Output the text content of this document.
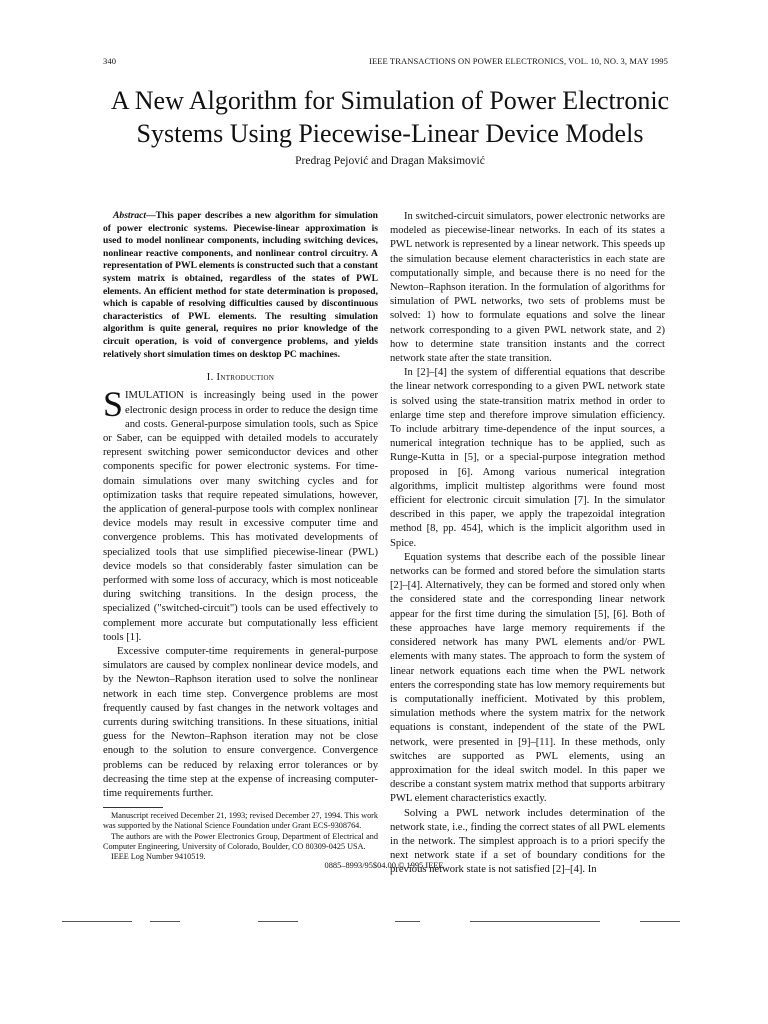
340	IEEE TRANSACTIONS ON POWER ELECTRONICS, VOL. 10, NO. 3, MAY 1995
A New Algorithm for Simulation of Power Electronic Systems Using Piecewise-Linear Device Models
Predrag Pejović and Dragan Maksimović

Abstract—This paper describes a new algorithm for simulation of power electronic systems. Piecewise-linear approximation is used to model nonlinear components, including switching devices, nonlinear reactive components, and nonlinear control circuitry. A representation of PWL elements is constructed such that a constant system matrix is obtained, regardless of the states of PWL elements. An efficient method for state determination is proposed, which is capable of resolving difficulties caused by discontinuous characteristics of PWL elements. The resulting simulation algorithm is quite general, requires no prior knowledge of the circuit operation, is void of convergence problems, and yields relatively short simulation times on desktop PC machines.

I. Introduction

SIMULATION is increasingly being used in the power electronic design process in order to reduce the design time and costs. General-purpose simulation tools, such as Spice or Saber, can be equipped with detailed models to accurately represent switching power semiconductor devices and other components specific for power electronic systems. For time-domain simulations over many switching cycles and for optimization tasks that require repeated simulations, however, the application of general-purpose tools with complex nonlinear device models may result in excessive computer time and convergence problems. This has motivated developments of specialized tools that use simplified piecewise-linear (PWL) device models so that considerably faster simulation can be performed with some loss of accuracy, which is most noticeable during switching transitions. In the design process, the specialized ("switched-circuit") tools can be used effectively to complement more accurate but computationally less efficient tools [1].

Excessive computer-time requirements in general-purpose simulators are caused by complex nonlinear device models, and by the Newton–Raphson iteration used to solve the nonlinear network in each time step. Convergence problems are most frequently caused by fast changes in the network voltages and currents during switching transitions. In these situations, initial guess for the Newton–Raphson iteration may not be close enough to the solution to ensure convergence. Convergence problems can be reduced by relaxing error tolerances or by decreasing the time step at the expense of increasing computer-time requirements further.

Manuscript received December 21, 1993; revised December 27, 1994. This work was supported by the National Science Foundation under Grant ECS-9308764.

The authors are with the Power Electronics Group, Department of Electrical and Computer Engineering, University of Colorado, Boulder, CO 80309-0425 USA.

IEEE Log Number 9410519.

In switched-circuit simulators, power electronic networks are modeled as piecewise-linear networks. In each of its states a PWL network is represented by a linear network. This speeds up the simulation because element characteristics in each state are computationally simple, and because there is no need for the Newton–Raphson iteration. In the formulation of algorithms for simulation of PWL networks, two sets of problems must be solved: 1) how to formulate equations and solve the linear network corresponding to a given PWL network state, and 2) how to determine state transition instants and the correct network state after the state transition.

In [2]–[4] the system of differential equations that describe the linear network corresponding to a given PWL network state is solved using the state-transition matrix method in order to enlarge time step and therefore improve simulation efficiency. To include arbitrary time-dependence of the input sources, a numerical integration technique has to be applied, such as Runge-Kutta in [5], or a special-purpose integration method proposed in [6]. Among various numerical integration algorithms, implicit multistep algorithms were found most efficient for electronic circuit simulation [7]. In the simulator described in this paper, we apply the trapezoidal integration method [8, pp. 454], which is the implicit algorithm used in Spice.

Equation systems that describe each of the possible linear networks can be formed and stored before the simulation starts [2]–[4]. Alternatively, they can be formed and stored only when the considered state and the corresponding linear network appear for the first time during the simulation [5], [6]. Both of these approaches have large memory requirements if the considered network has many PWL elements and/or PWL elements with many states. The approach to form the system of linear network equations each time when the PWL network enters the corresponding state has low memory requirements but is computationally inefficient. Motivated by this problem, simulation methods where the system matrix for the network equations is constant, independent of the state of the PWL network, were presented in [9]–[11]. In these methods, only switches are supported as PWL elements, using an approximation for the ideal switch model. In this paper we describe a constant system matrix method that supports arbitrary PWL element characteristics exactly.

Solving a PWL network includes determination of the network state, i.e., finding the correct states of all PWL elements in the network. The simplest approach is to a priori specify the next network state if a set of boundary conditions for the previous network state is not satisfied [2]–[4]. In

0885–8993/95$04.00 © 1995 IEEE
